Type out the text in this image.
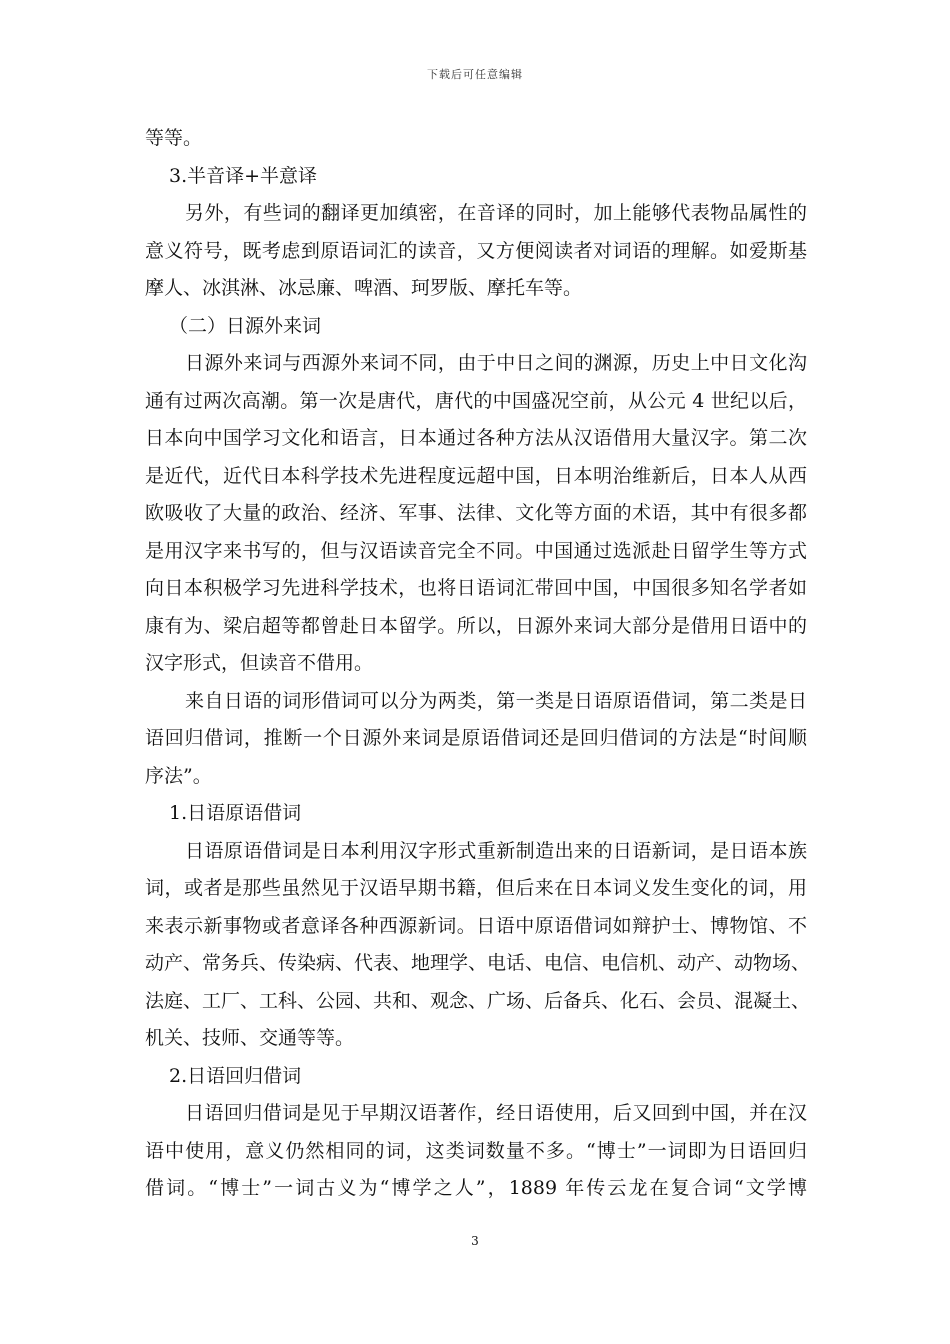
下载后可任意编辑
等等。
3.半音译+半意译
另外，有些词的翻译更加缜密，在音译的同时，加上能够代表物品属性的
意义符号，既考虑到原语词汇的读音，又方便阅读者对词语的理解。如爱斯基
摩人、冰淇淋、冰忌廉、啤酒、珂罗版、摩托车等。
（二）日源外来词
日源外来词与西源外来词不同，由于中日之间的渊源，历史上中日文化沟
通有过两次高潮。第一次是唐代，唐代的中国盛况空前，从公元 4 世纪以后，
日本向中国学习文化和语言，日本通过各种方法从汉语借用大量汉字。第二次
是近代，近代日本科学技术先进程度远超中国，日本明治维新后，日本人从西
欧吸收了大量的政治、经济、军事、法律、文化等方面的术语，其中有很多都
是用汉字来书写的，但与汉语读音完全不同。中国通过选派赴日留学生等方式
向日本积极学习先进科学技术，也将日语词汇带回中国，中国很多知名学者如
康有为、梁启超等都曾赴日本留学。所以，日源外来词大部分是借用日语中的
汉字形式，但读音不借用。
来自日语的词形借词可以分为两类，第一类是日语原语借词，第二类是日
语回归借词，推断一个日源外来词是原语借词还是回归借词的方法是“时间顺
序法”。
1.日语原语借词
日语原语借词是日本利用汉字形式重新制造出来的日语新词，是日语本族
词，或者是那些虽然见于汉语早期书籍，但后来在日本词义发生变化的词，用
来表示新事物或者意译各种西源新词。日语中原语借词如辩护士、博物馆、不
动产、常务兵、传染病、代表、地理学、电话、电信、电信机、动产、动物场、
法庭、工厂、工科、公园、共和、观念、广场、后备兵、化石、会员、混凝土、
机关、技师、交通等等。
2.日语回归借词
日语回归借词是见于早期汉语著作，经日语使用，后又回到中国，并在汉
语中使用，意义仍然相同的词，这类词数量不多。“博士”一词即为日语回归
借词。“博士”一词古义为“博学之人”，1889 年传云龙在复合词“文学博
3
